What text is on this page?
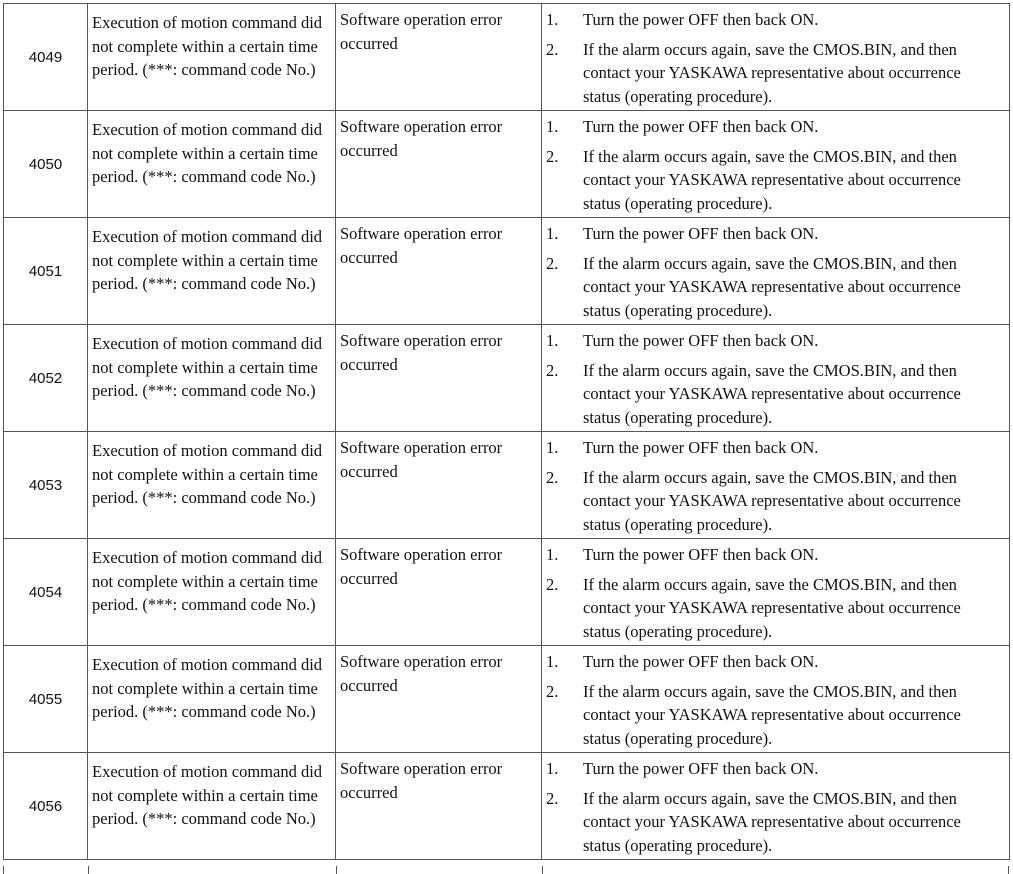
4049	Execution of motion command did not complete within a certain time period. (***: command code No.)	Software operation error occurred	1. Turn the power OFF then back ON.
2. If the alarm occurs again, save the CMOS.BIN, and then contact your YASKAWA representative about occurrence status (operating procedure).

4050	Execution of motion command did not complete within a certain time period. (***: command code No.)	Software operation error occurred	1. Turn the power OFF then back ON.
2. If the alarm occurs again, save the CMOS.BIN, and then contact your YASKAWA representative about occurrence status (operating procedure).

4051	Execution of motion command did not complete within a certain time period. (***: command code No.)	Software operation error occurred	1. Turn the power OFF then back ON.
2. If the alarm occurs again, save the CMOS.BIN, and then contact your YASKAWA representative about occurrence status (operating procedure).

4052	Execution of motion command did not complete within a certain time period. (***: command code No.)	Software operation error occurred	1. Turn the power OFF then back ON.
2. If the alarm occurs again, save the CMOS.BIN, and then contact your YASKAWA representative about occurrence status (operating procedure).

4053	Execution of motion command did not complete within a certain time period. (***: command code No.)	Software operation error occurred	1. Turn the power OFF then back ON.
2. If the alarm occurs again, save the CMOS.BIN, and then contact your YASKAWA representative about occurrence status (operating procedure).

4054	Execution of motion command did not complete within a certain time period. (***: command code No.)	Software operation error occurred	1. Turn the power OFF then back ON.
2. If the alarm occurs again, save the CMOS.BIN, and then contact your YASKAWA representative about occurrence status (operating procedure).

4055	Execution of motion command did not complete within a certain time period. (***: command code No.)	Software operation error occurred	1. Turn the power OFF then back ON.
2. If the alarm occurs again, save the CMOS.BIN, and then contact your YASKAWA representative about occurrence status (operating procedure).

4056	Execution of motion command did not complete within a certain time period. (***: command code No.)	Software operation error occurred	1. Turn the power OFF then back ON.
2. If the alarm occurs again, save the CMOS.BIN, and then contact your YASKAWA representative about occurrence status (operating procedure).
